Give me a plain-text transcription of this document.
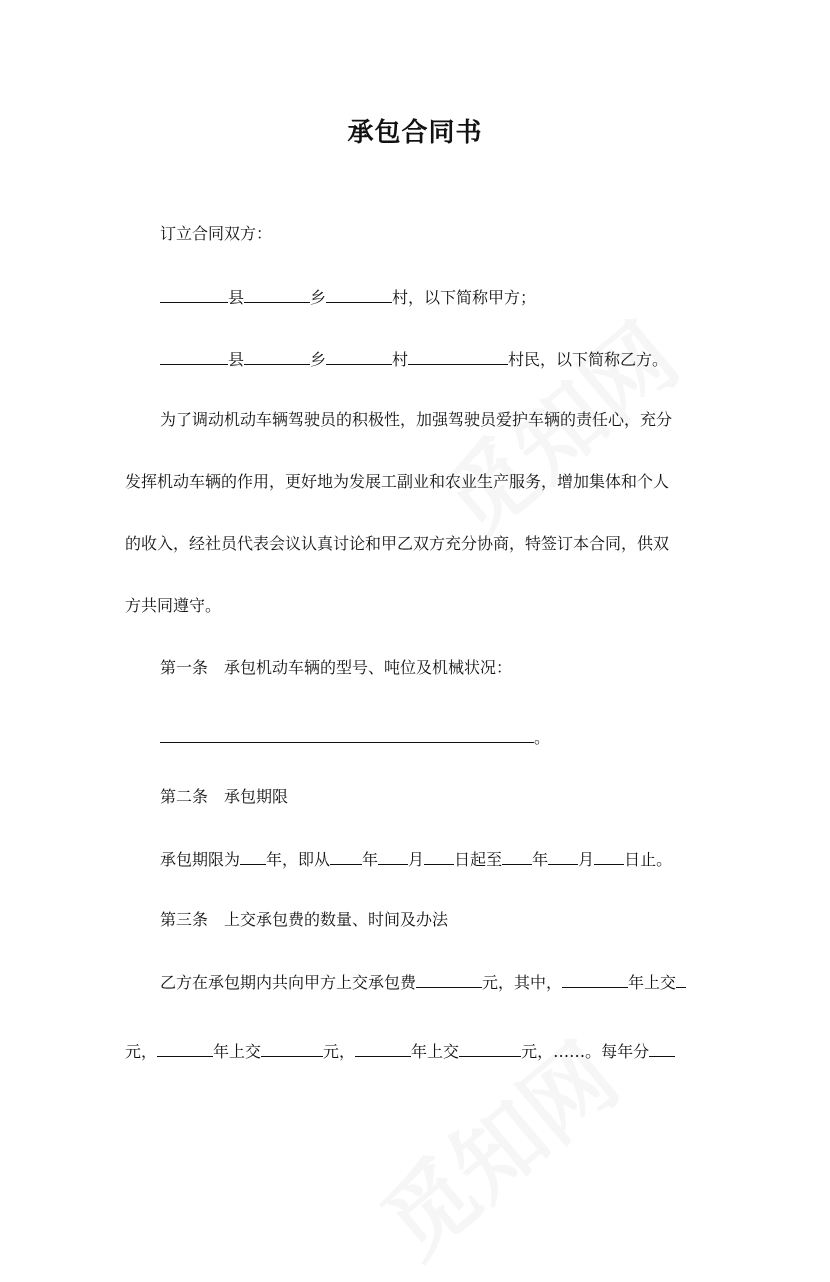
承包合同书
订立合同双方：
县	乡	村，以下简称甲方；
县	乡	村	村民，以下简称乙方。
为了调动机动车辆驾驶员的积极性，加强驾驶员爱护车辆的责任心，充分
发挥机动车辆的作用，更好地为发展工副业和农业生产服务，增加集体和个人
的收入，经社员代表会议认真讨论和甲乙双方充分协商，特签订本合同，供双
方共同遵守。
第一条　承包机动车辆的型号、吨位及机械状况：
。
第二条　承包期限
承包期限为 年，即从 年 月 日起至 年 月 日止。
第三条　上交承包费的数量、时间及办法
乙方在承包期内共向甲方上交承包费	元，其中，	年上交
元，	年上交	元，	年上交	元，……。每年分
